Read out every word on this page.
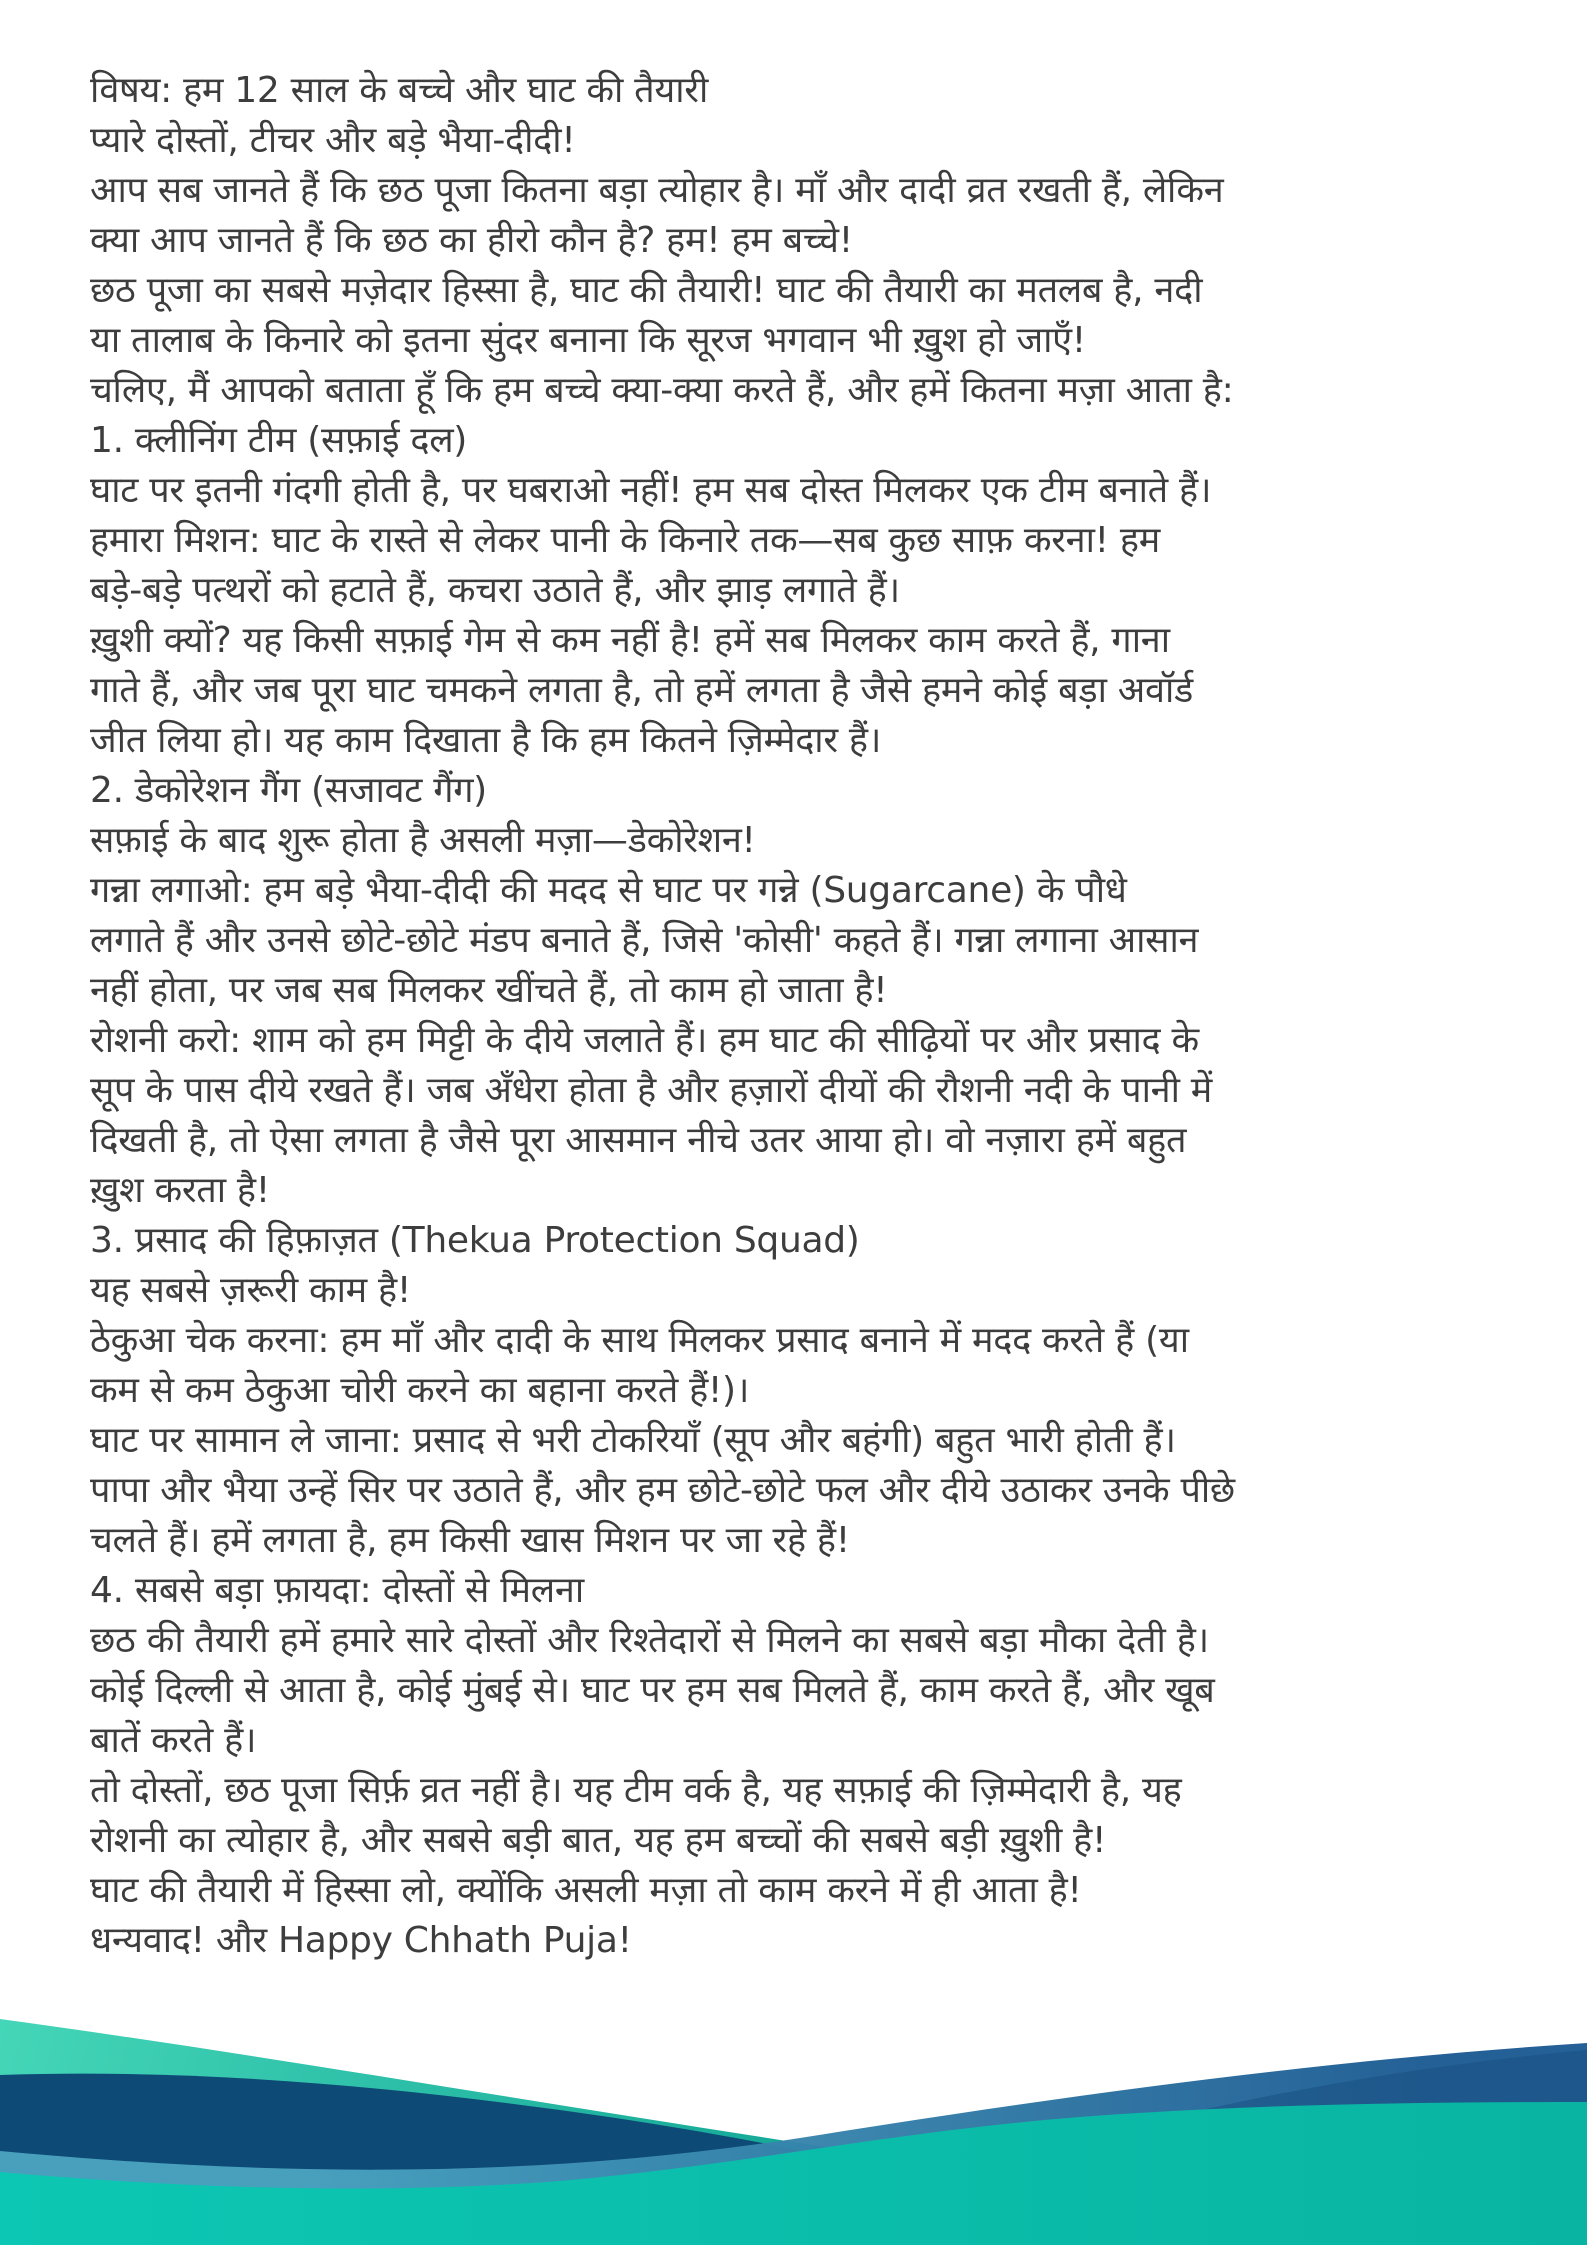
विषय: हम 12 साल के बच्चे और घाट की तैयारी
प्यारे दोस्तों, टीचर और बड़े भैया-दीदी!
आप सब जानते हैं कि छठ पूजा कितना बड़ा त्योहार है। माँ और दादी व्रत रखती हैं, लेकिन
क्या आप जानते हैं कि छठ का हीरो कौन है? हम! हम बच्चे!
छठ पूजा का सबसे मज़ेदार हिस्सा है, घाट की तैयारी! घाट की तैयारी का मतलब है, नदी
या तालाब के किनारे को इतना सुंदर बनाना कि सूरज भगवान भी ख़ुश हो जाएँ!
चलिए, मैं आपको बताता हूँ कि हम बच्चे क्या-क्या करते हैं, और हमें कितना मज़ा आता है:
1. क्लीनिंग टीम (सफ़ाई दल)
घाट पर इतनी गंदगी होती है, पर घबराओ नहीं! हम सब दोस्त मिलकर एक टीम बनाते हैं।
हमारा मिशन: घाट के रास्ते से लेकर पानी के किनारे तक—सब कुछ साफ़ करना! हम
बड़े-बड़े पत्थरों को हटाते हैं, कचरा उठाते हैं, और झाड़ लगाते हैं।
ख़ुशी क्यों? यह किसी सफ़ाई गेम से कम नहीं है! हमें सब मिलकर काम करते हैं, गाना
गाते हैं, और जब पूरा घाट चमकने लगता है, तो हमें लगता है जैसे हमने कोई बड़ा अवॉर्ड
जीत लिया हो। यह काम दिखाता है कि हम कितने ज़िम्मेदार हैं।
2. डेकोरेशन गैंग (सजावट गैंग)
सफ़ाई के बाद शुरू होता है असली मज़ा—डेकोरेशन!
गन्ना लगाओ: हम बड़े भैया-दीदी की मदद से घाट पर गन्ने (Sugarcane) के पौधे
लगाते हैं और उनसे छोटे-छोटे मंडप बनाते हैं, जिसे 'कोसी' कहते हैं। गन्ना लगाना आसान
नहीं होता, पर जब सब मिलकर खींचते हैं, तो काम हो जाता है!
रोशनी करो: शाम को हम मिट्टी के दीये जलाते हैं। हम घाट की सीढ़ियों पर और प्रसाद के
सूप के पास दीये रखते हैं। जब अँधेरा होता है और हज़ारों दीयों की रौशनी नदी के पानी में
दिखती है, तो ऐसा लगता है जैसे पूरा आसमान नीचे उतर आया हो। वो नज़ारा हमें बहुत
ख़ुश करता है!
3. प्रसाद की हिफ़ाज़त (Thekua Protection Squad)
यह सबसे ज़रूरी काम है!
ठेकुआ चेक करना: हम माँ और दादी के साथ मिलकर प्रसाद बनाने में मदद करते हैं (या
कम से कम ठेकुआ चोरी करने का बहाना करते हैं!)।
घाट पर सामान ले जाना: प्रसाद से भरी टोकरियाँ (सूप और बहंगी) बहुत भारी होती हैं।
पापा और भैया उन्हें सिर पर उठाते हैं, और हम छोटे-छोटे फल और दीये उठाकर उनके पीछे
चलते हैं। हमें लगता है, हम किसी खास मिशन पर जा रहे हैं!
4. सबसे बड़ा फ़ायदा: दोस्तों से मिलना
छठ की तैयारी हमें हमारे सारे दोस्तों और रिश्तेदारों से मिलने का सबसे बड़ा मौका देती है।
कोई दिल्ली से आता है, कोई मुंबई से। घाट पर हम सब मिलते हैं, काम करते हैं, और खूब
बातें करते हैं।
तो दोस्तों, छठ पूजा सिर्फ़ व्रत नहीं है। यह टीम वर्क है, यह सफ़ाई की ज़िम्मेदारी है, यह
रोशनी का त्योहार है, और सबसे बड़ी बात, यह हम बच्चों की सबसे बड़ी ख़ुशी है!
घाट की तैयारी में हिस्सा लो, क्योंकि असली मज़ा तो काम करने में ही आता है!
धन्यवाद! और Happy Chhath Puja!
